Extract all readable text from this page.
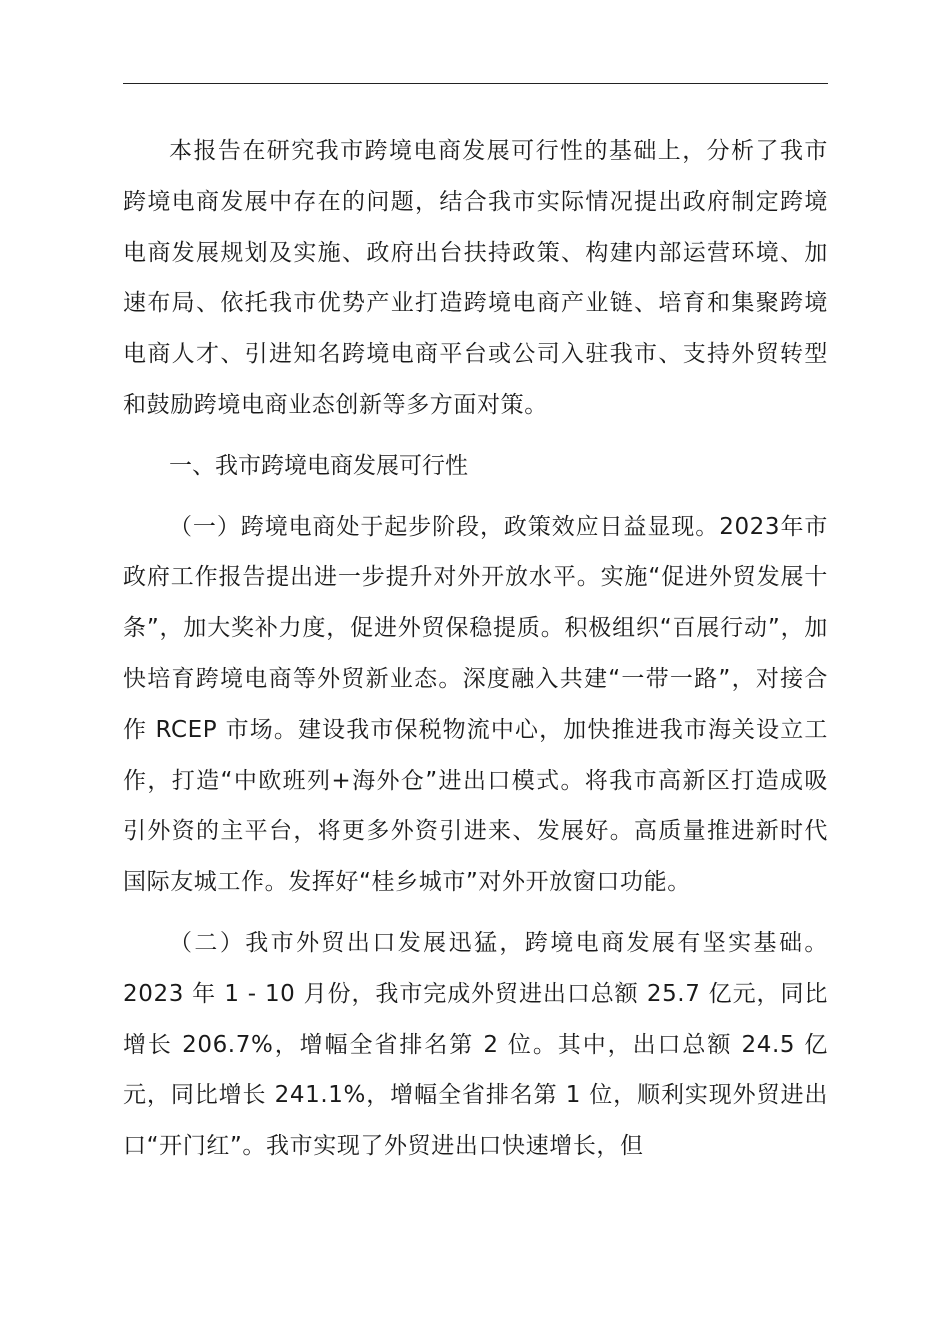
本报告在研究我市跨境电商发展可行性的基础上，分析了我市跨境电商发展中存在的问题，结合我市实际情况提出政府制定跨境电商发展规划及实施、政府出台扶持政策、构建内部运营环境、加速布局、依托我市优势产业打造跨境电商产业链、培育和集聚跨境电商人才、引进知名跨境电商平台或公司入驻我市、支持外贸转型和鼓励跨境电商业态创新等多方面对策。

一、我市跨境电商发展可行性

（一）跨境电商处于起步阶段，政策效应日益显现。2023年市政府工作报告提出进一步提升对外开放水平。实施“促进外贸发展十条”，加大奖补力度，促进外贸保稳提质。积极组织“百展行动”，加快培育跨境电商等外贸新业态。深度融入共建“一带一路”，对接合作 RCEP 市场。建设我市保税物流中心，加快推进我市海关设立工作，打造“中欧班列+海外仓”进出口模式。将我市高新区打造成吸引外资的主平台，将更多外资引进来、发展好。高质量推进新时代国际友城工作。发挥好“桂乡城市”对外开放窗口功能。

（二）我市外贸出口发展迅猛，跨境电商发展有坚实基础。2023 年 1 - 10 月份，我市完成外贸进出口总额 25.7 亿元，同比增长 206.7%，增幅全省排名第 2 位。其中，出口总额 24.5 亿元，同比增长 241.1%，增幅全省排名第 1 位，顺利实现外贸进出口“开门红”。我市实现了外贸进出口快速增长，但
